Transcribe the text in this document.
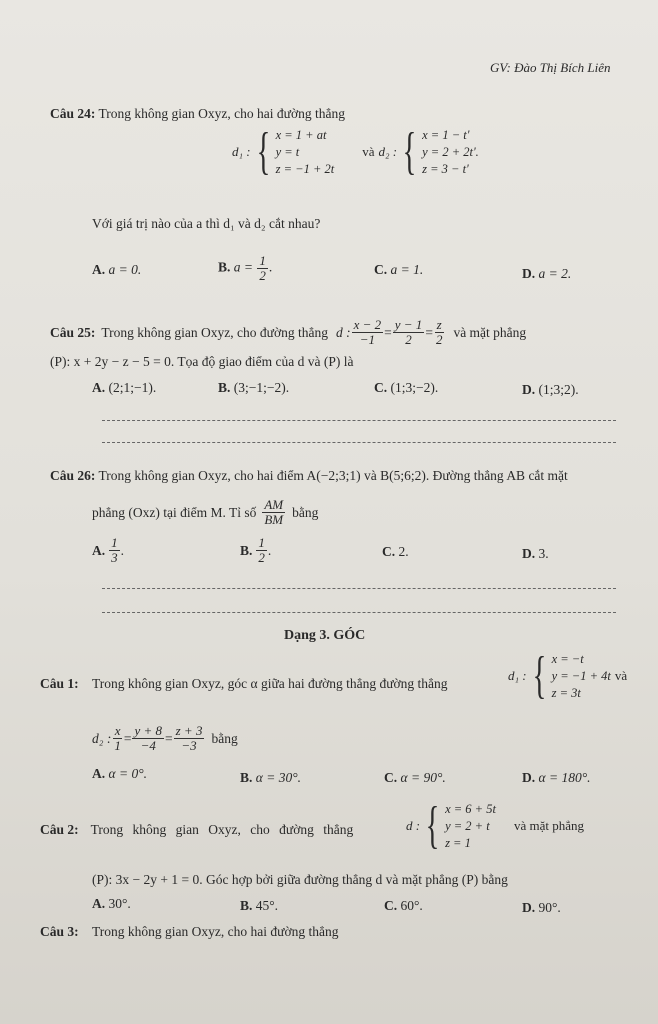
GV: Đào Thị Bích Liên
Câu 24: Trong không gian Oxyz, cho hai đường thẳng
d₁ : { x = 1 + at
y = t
z = −1 + 2t
và d₂ : { x = 1 − t'
y = 2 + 2t'.
z = 3 − t'
Với giá trị nào của a thì d₁ và d₂ cắt nhau?
A. a = 0.	B. $a = \frac{1}{2}$ .	C. a = 1.	D. a = 2.
Câu 25: Trong không gian Oxyz, cho đường thẳng d : $\frac{x - 2}{-1} = \frac{y - 1}{2} = \frac{z}{2}$ và mặt phẳng
(P): x + 2y − z − 5 = 0. Tọa độ giao điểm của d và (P) là
A. (2;1;−1).	B. (3;−1;−2).	C. (1;3;−2).	D. (1;3;2).
Câu 26: Trong không gian Oxyz, cho hai điểm A(−2;3;1) và B(5;6;2). Đường thẳng AB cắt mặt
phẳng (Oxz) tại điểm M. Tỉ số $\frac{AM}{BM}$ bằng
A. $\frac{1}{3}$ .	B. $\frac{1}{2}$ .	C. 2.	D. 3.
Dạng 3. GÓC
Câu 1: Trong không gian Oxyz, góc α giữa hai đường thẳng đường thẳng
d₁ : { x = −t
y = −1 + 4t
z = 3t
và
d₂ : $\frac{x}{1} = \frac{y + 8}{-4} = \frac{z + 3}{-3}$ bằng
A. α = 0°.	B. α = 30°.	C. α = 90°.	D. α = 180°.
Câu 2: Trong không gian Oxyz, cho đường thẳng	d : { x = 6 + 5t
y = 2 + t
z = 1
và mặt phẳng
(P): 3x − 2y + 1 = 0. Góc hợp bởi giữa đường thẳng d và mặt phẳng (P) bằng
A. 30°.	B. 45°.	C. 60°.	D. 90°.
Câu 3: Trong không gian Oxyz, cho hai đường thẳng
